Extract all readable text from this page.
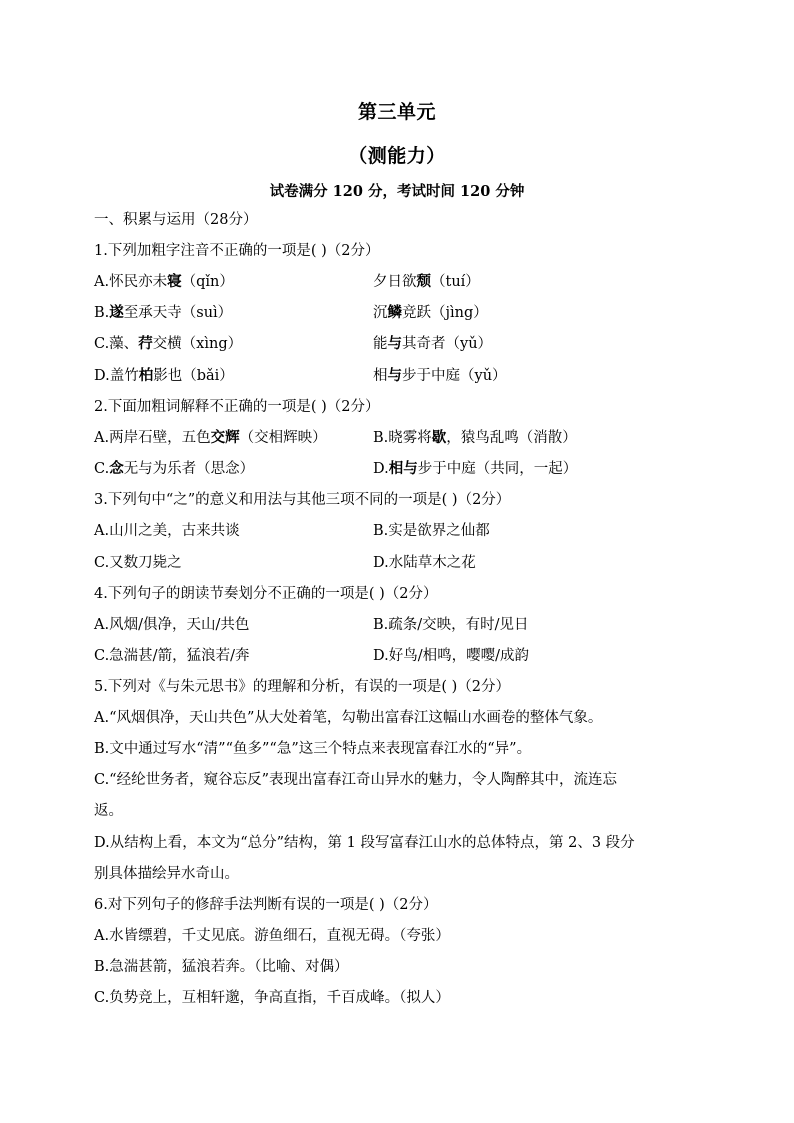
第三单元
（测能力）
试卷满分 120 分，考试时间 120 分钟
一、积累与运用（28分）
1.下列加粗字注音不正确的一项是( )（2分）
A.怀民亦未寝（qǐn）	夕日欲颓（tuí）
B.遂至承天寺（suì）	沉鳞竞跃（jìng）
C.藻、荇交横（xìng）	能与其奇者（yǔ）
D.盖竹柏影也（bǎi）	相与步于中庭（yǔ）
2.下面加粗词解释不正确的一项是( )（2分）
A.两岸石壁，五色交辉（交相辉映）	B.晓雾将歇，猿鸟乱鸣（消散）
C.念无与为乐者（思念）	D.相与步于中庭（共同，一起）
3.下列句中“之”的意义和用法与其他三项不同的一项是( )（2分）
A.山川之美，古来共谈	B.实是欲界之仙都
C.又数刀毙之	D.水陆草木之花
4.下列句子的朗读节奏划分不正确的一项是( )（2分）
A.风烟/俱净，天山/共色	B.疏条/交映，有时/见日
C.急湍甚/箭，猛浪若/奔	D.好鸟/相鸣，嘤嘤/成韵
5.下列对《与朱元思书》的理解和分析，有误的一项是( )（2分）
A.“风烟俱净，天山共色”从大处着笔，勾勒出富春江这幅山水画卷的整体气象。
B.文中通过写水“清”“鱼多”“急”这三个特点来表现富春江水的“异”。
C.“经纶世务者，窥谷忘反”表现出富春江奇山异水的魅力，令人陶醉其中，流连忘
返。
D.从结构上看，本文为“总分”结构，第 1 段写富春江山水的总体特点，第 2、3 段分
别具体描绘异水奇山。
6.对下列句子的修辞手法判断有误的一项是( )（2分）
A.水皆缥碧，千丈见底。游鱼细石，直视无碍。（夸张）
B.急湍甚箭，猛浪若奔。（比喻、对偶）
C.负势竞上，互相轩邈，争高直指，千百成峰。（拟人）
